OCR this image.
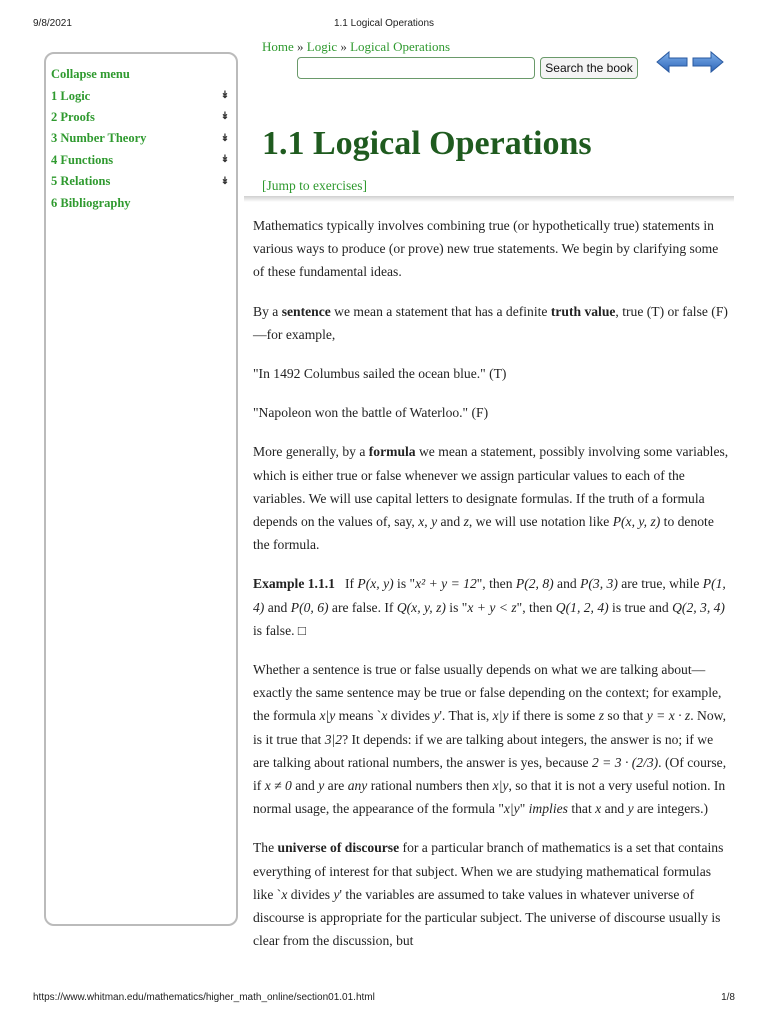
9/8/2021	1.1 Logical Operations
Collapse menu
1 Logic	↡
2 Proofs	↡
3 Number Theory	↡
4 Functions	↡
5 Relations	↡
6 Bibliography
Home » Logic » Logical Operations
Search the book
1.1 Logical Operations
[Jump to exercises]

Mathematics typically involves combining true (or hypothetically true) statements in various ways to produce (or prove) new true statements. We begin by clarifying some of these fundamental ideas.

By a sentence we mean a statement that has a definite truth value, true (T) or false (F)—for example,

"In 1492 Columbus sailed the ocean blue." (T)

"Napoleon won the battle of Waterloo." (F)

More generally, by a formula we mean a statement, possibly involving some variables, which is either true or false whenever we assign particular values to each of the variables. We will use capital letters to designate formulas. If the truth of a formula depends on the values of, say, x, y and z, we will use notation like P(x, y, z) to denote the formula.

Example 1.1.1 If P(x, y) is "x² + y = 12", then P(2, 8) and P(3, 3) are true, while P(1, 4) and P(0, 6) are false. If Q(x, y, z) is "x + y < z", then Q(1, 2, 4) is true and Q(2, 3, 4) is false. □

Whether a sentence is true or false usually depends on what we are talking about—exactly the same sentence may be true or false depending on the context; for example, the formula x|y means `x divides y'. That is, x|y if there is some z so that y = x · z. Now, is it true that 3|2? It depends: if we are talking about integers, the answer is no; if we are talking about rational numbers, the answer is yes, because 2 = 3 · (2/3). (Of course, if x ≠ 0 and y are any rational numbers then x|y, so that it is not a very useful notion. In normal usage, the appearance of the formula "x|y" implies that x and y are integers.)

The universe of discourse for a particular branch of mathematics is a set that contains everything of interest for that subject. When we are studying mathematical formulas like `x divides y' the variables are assumed to take values in whatever universe of discourse is appropriate for the particular subject. The universe of discourse usually is clear from the discussion, but

https://www.whitman.edu/mathematics/higher_math_online/section01.01.html	1/8
